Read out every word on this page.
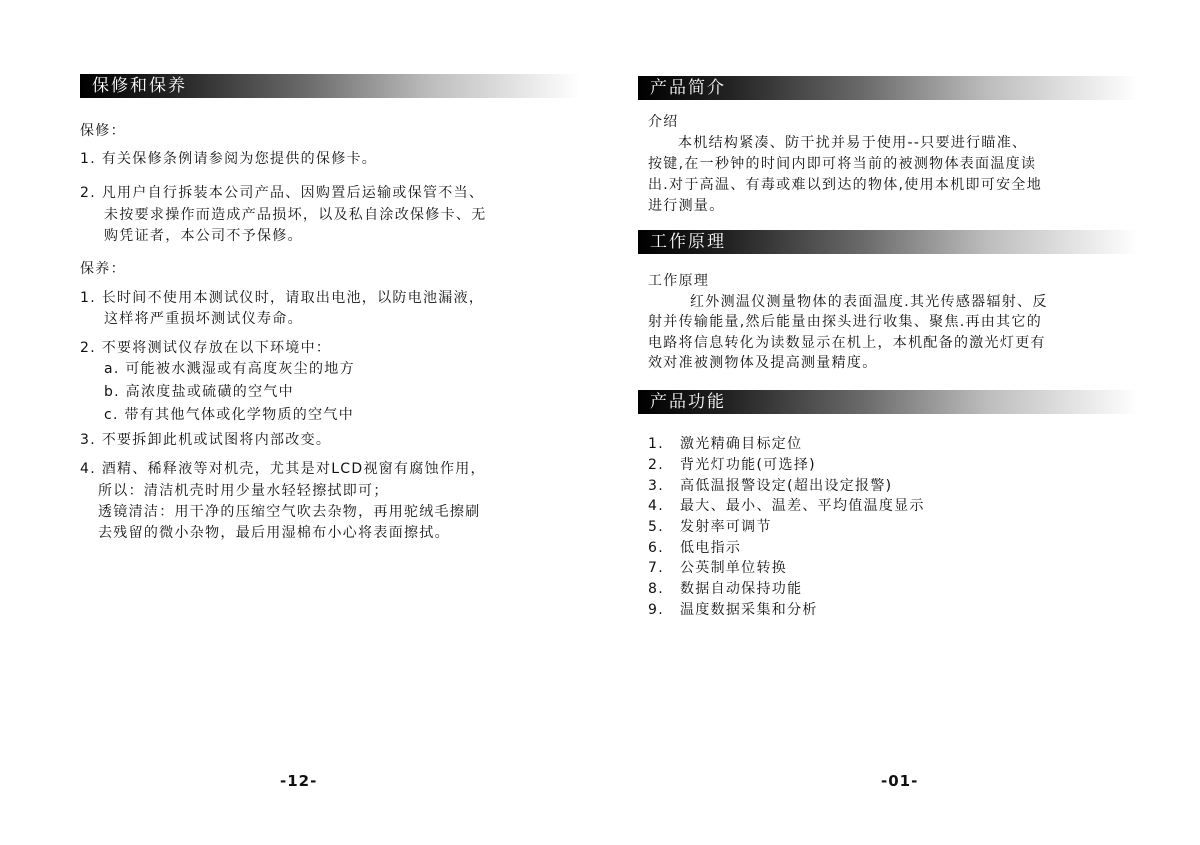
保修和保养
保修：
1. 有关保修条例请参阅为您提供的保修卡。
2. 凡用户自行拆装本公司产品、因购置后运输或保管不当、
未按要求操作而造成产品损坏，以及私自涂改保修卡、无
购凭证者，本公司不予保修。
保养：
1. 长时间不使用本测试仪时，请取出电池，以防电池漏液，
这样将严重损坏测试仪寿命。
2. 不要将测试仪存放在以下环境中：
a. 可能被水溅湿或有高度灰尘的地方
b. 高浓度盐或硫磺的空气中
c. 带有其他气体或化学物质的空气中
3. 不要拆卸此机或试图将内部改变。
4. 酒精、稀释液等对机壳，尤其是对LCD视窗有腐蚀作用，
所以：清洁机壳时用少量水轻轻擦拭即可；
透镜清洁：用干净的压缩空气吹去杂物，再用驼绒毛擦刷
去残留的微小杂物，最后用湿棉布小心将表面擦拭。
-12-
产品简介
介绍
本机结构紧凑、防干扰并易于使用--只要进行瞄准、
按键,在一秒钟的时间内即可将当前的被测物体表面温度读
出.对于高温、有毒或难以到达的物体,使用本机即可安全地
进行测量。
工作原理
工作原理
红外测温仪测量物体的表面温度.其光传感器辐射、反
射并传输能量,然后能量由探头进行收集、聚焦.再由其它的
电路将信息转化为读数显示在机上，本机配备的激光灯更有
效对准被测物体及提高测量精度。
产品功能
1. 激光精确目标定位
2. 背光灯功能(可选择)
3. 高低温报警设定(超出设定报警)
4. 最大、最小、温差、平均值温度显示
5. 发射率可调节
6. 低电指示
7. 公英制单位转换
8. 数据自动保持功能
9. 温度数据采集和分析
-01-
